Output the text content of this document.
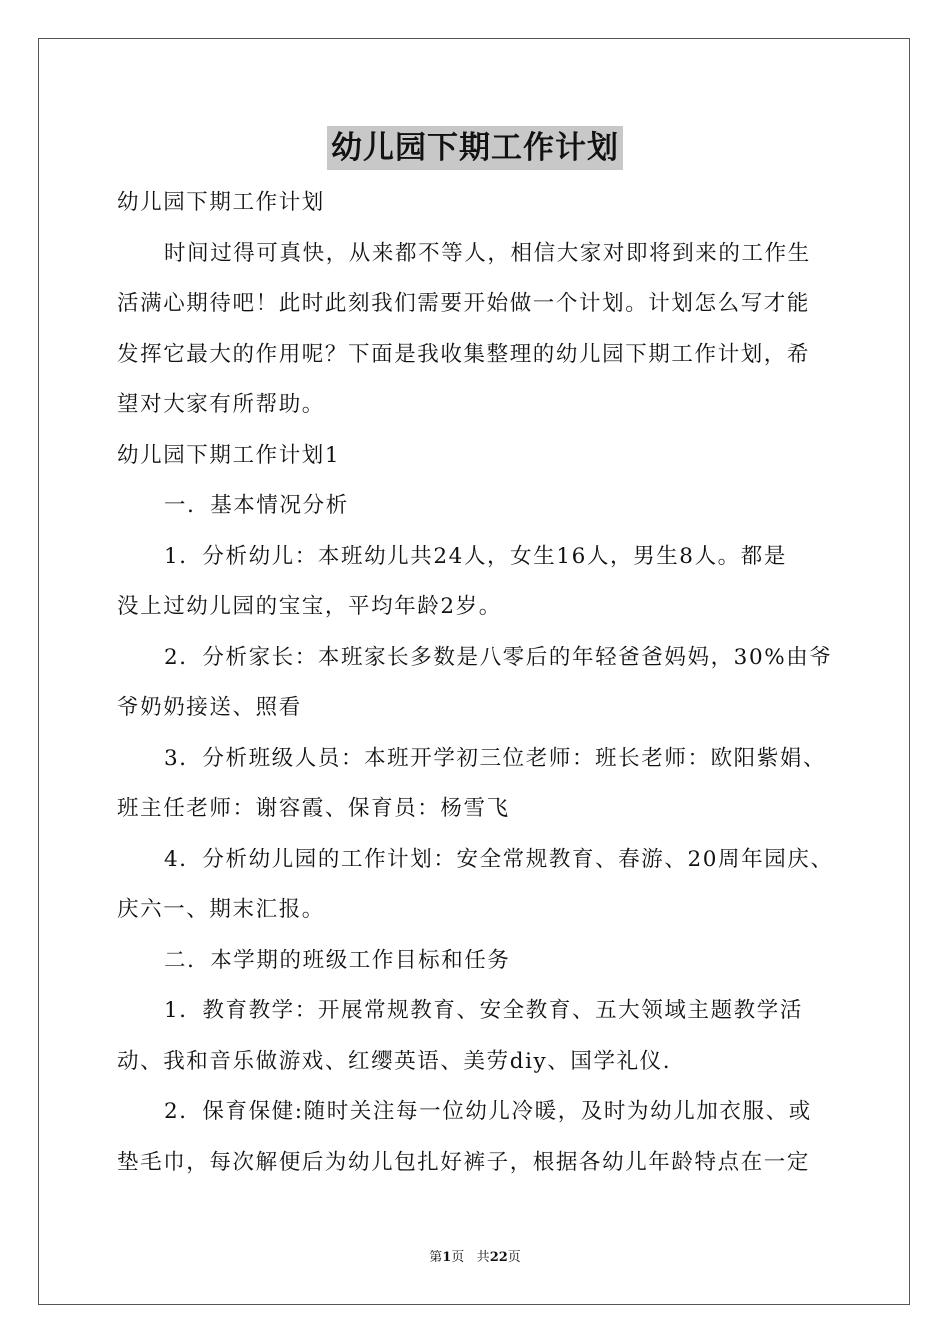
幼儿园下期工作计划
幼儿园下期工作计划
时间过得可真快，从来都不等人，相信大家对即将到来的工作生
活满心期待吧！此时此刻我们需要开始做一个计划。计划怎么写才能
发挥它最大的作用呢？下面是我收集整理的幼儿园下期工作计划，希
望对大家有所帮助。
幼儿园下期工作计划1
一．基本情况分析
1．分析幼儿：本班幼儿共24人，女生16人，男生8人。都是
没上过幼儿园的宝宝，平均年龄2岁。
2．分析家长：本班家长多数是八零后的年轻爸爸妈妈，30%由爷
爷奶奶接送、照看
3．分析班级人员：本班开学初三位老师：班长老师：欧阳紫娟、
班主任老师：谢容霞、保育员：杨雪飞
4．分析幼儿园的工作计划：安全常规教育、春游、20周年园庆、
庆六一、期末汇报。
二．本学期的班级工作目标和任务
1．教育教学：开展常规教育、安全教育、五大领域主题教学活
动、我和音乐做游戏、红缨英语、美劳diy、国学礼仪.
2．保育保健:随时关注每一位幼儿冷暖，及时为幼儿加衣服、或
垫毛巾，每次解便后为幼儿包扎好裤子，根据各幼儿年龄特点在一定
第1页 共22页
